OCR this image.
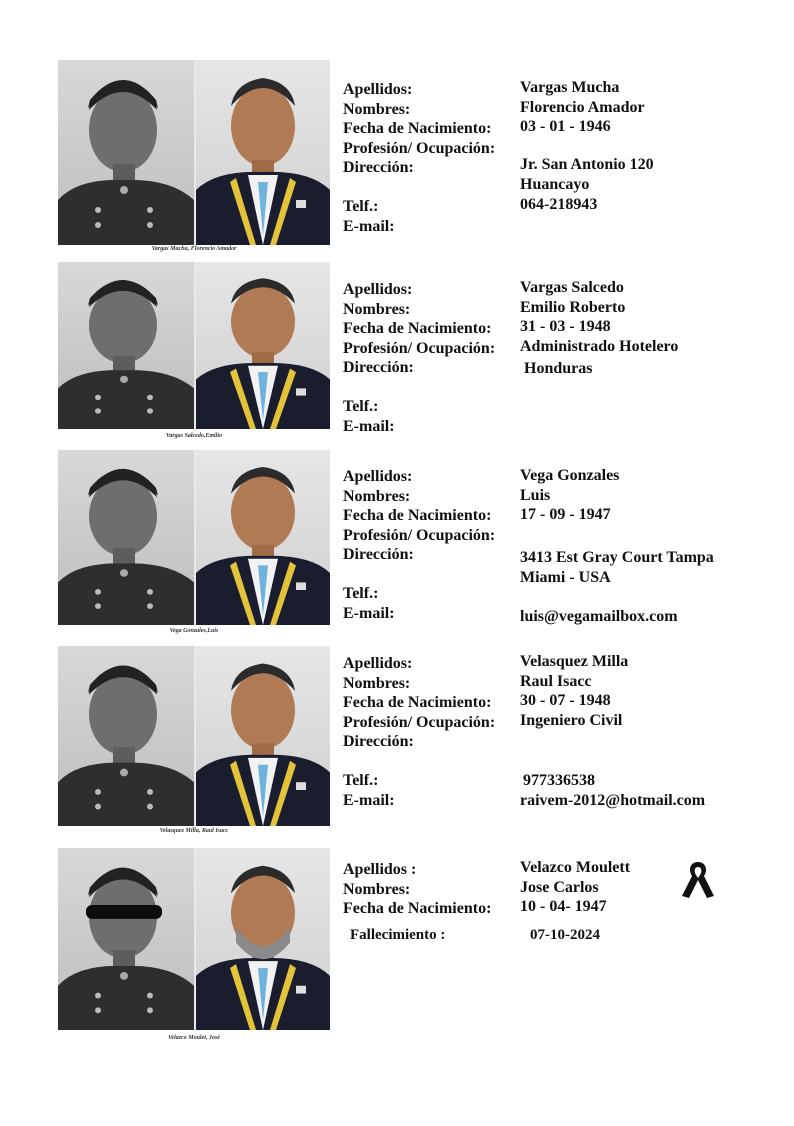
Vargas Mucha, Florencio Amador
Apellidos:
Nombres:
Fecha de Nacimiento:
Profesión/ Ocupación:
Dirección:
Telf.:
E-mail:
Vargas Mucha
Florencio Amador
03 - 01 - 1946
Jr. San Antonio 120
Huancayo
064-218943
Vargas Salcedo,Emilio
Apellidos:
Nombres:
Fecha de Nacimiento:
Profesión/ Ocupación:
Dirección:
Telf.:
E-mail:
Vargas Salcedo
Emilio Roberto
31 - 03 - 1948
Administrado Hotelero
Honduras
Vega Gonzales,Luis
Apellidos:
Nombres:
Fecha de Nacimiento:
Profesión/ Ocupación:
Dirección:
Telf.:
E-mail:
Vega Gonzales
Luis
17 - 09 - 1947
3413 Est Gray Court Tampa
Miami - USA
luis@vegamailbox.com
Velasquez Milla, Raul Isacc
Apellidos:
Nombres:
Fecha de Nacimiento:
Profesión/ Ocupación:
Dirección:
Telf.:
E-mail:
Velasquez Milla
Raul Isacc
30 - 07 - 1948
Ingeniero Civil
977336538
raivem-2012@hotmail.com
Velazco Moulet, José
Apellidos :
Nombres:
Fecha de Nacimiento:
Velazco Moulett
Jose Carlos
10 - 04- 1947
Fallecimiento :	07-10-2024
